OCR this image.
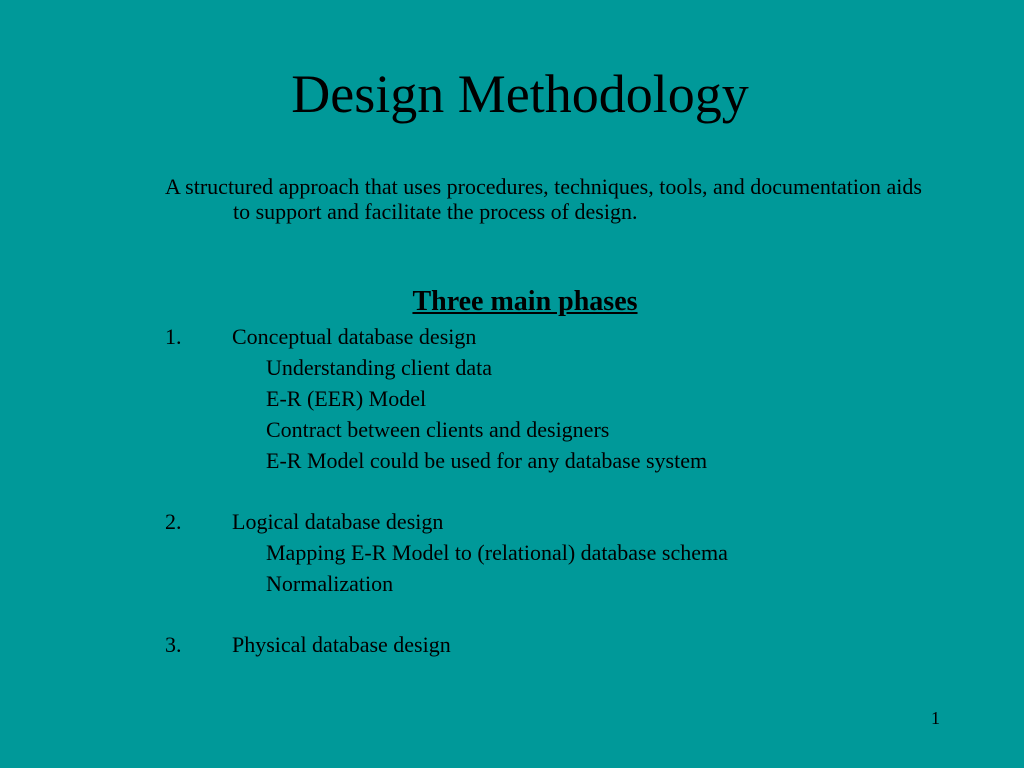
Design Methodology

A structured approach that uses procedures, techniques, tools, and documentation aids to support and facilitate the process of design.

Three main phases
1. Conceptual database design
Understanding client data
E-R (EER) Model
Contract between clients and designers
E-R Model could be used for any database system
2. Logical database design
Mapping E-R Model to (relational) database schema
Normalization
3. Physical database design
1
